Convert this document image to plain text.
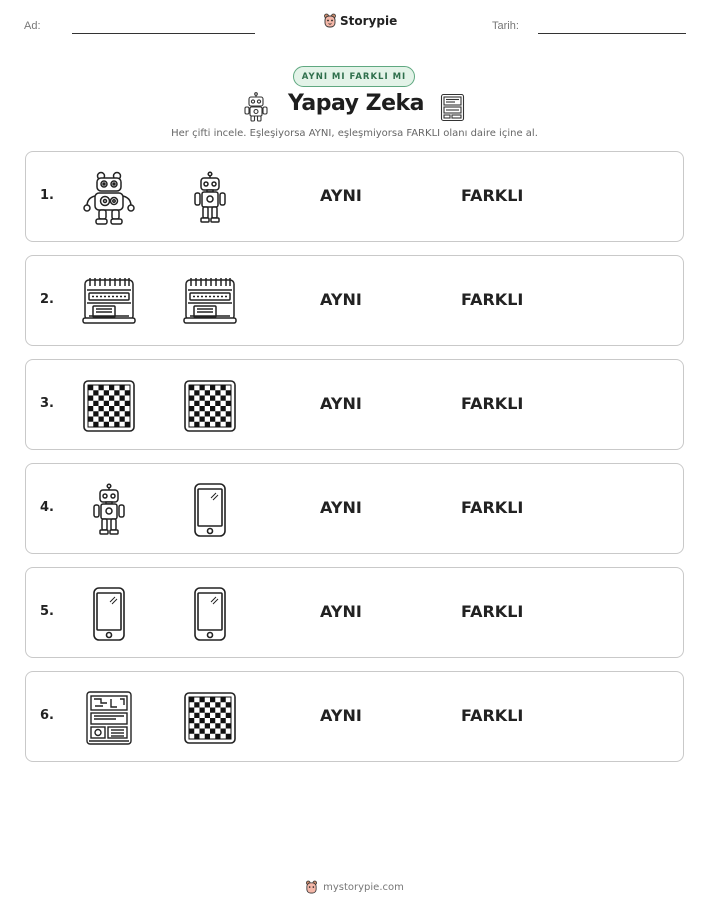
Ad:	Storypie	Tarih:
AYNI MI FARKLI MI
Yapay Zeka
Her çifti incele. Eşleşiyorsa AYNI, eşleşmiyorsa FARKLI olanı daire içine al.
1.	AYNI	FARKLI
2.	AYNI	FARKLI
3.	AYNI	FARKLI
4.	AYNI	FARKLI
5.	AYNI	FARKLI
6.	AYNI	FARKLI
mystorypie.com
